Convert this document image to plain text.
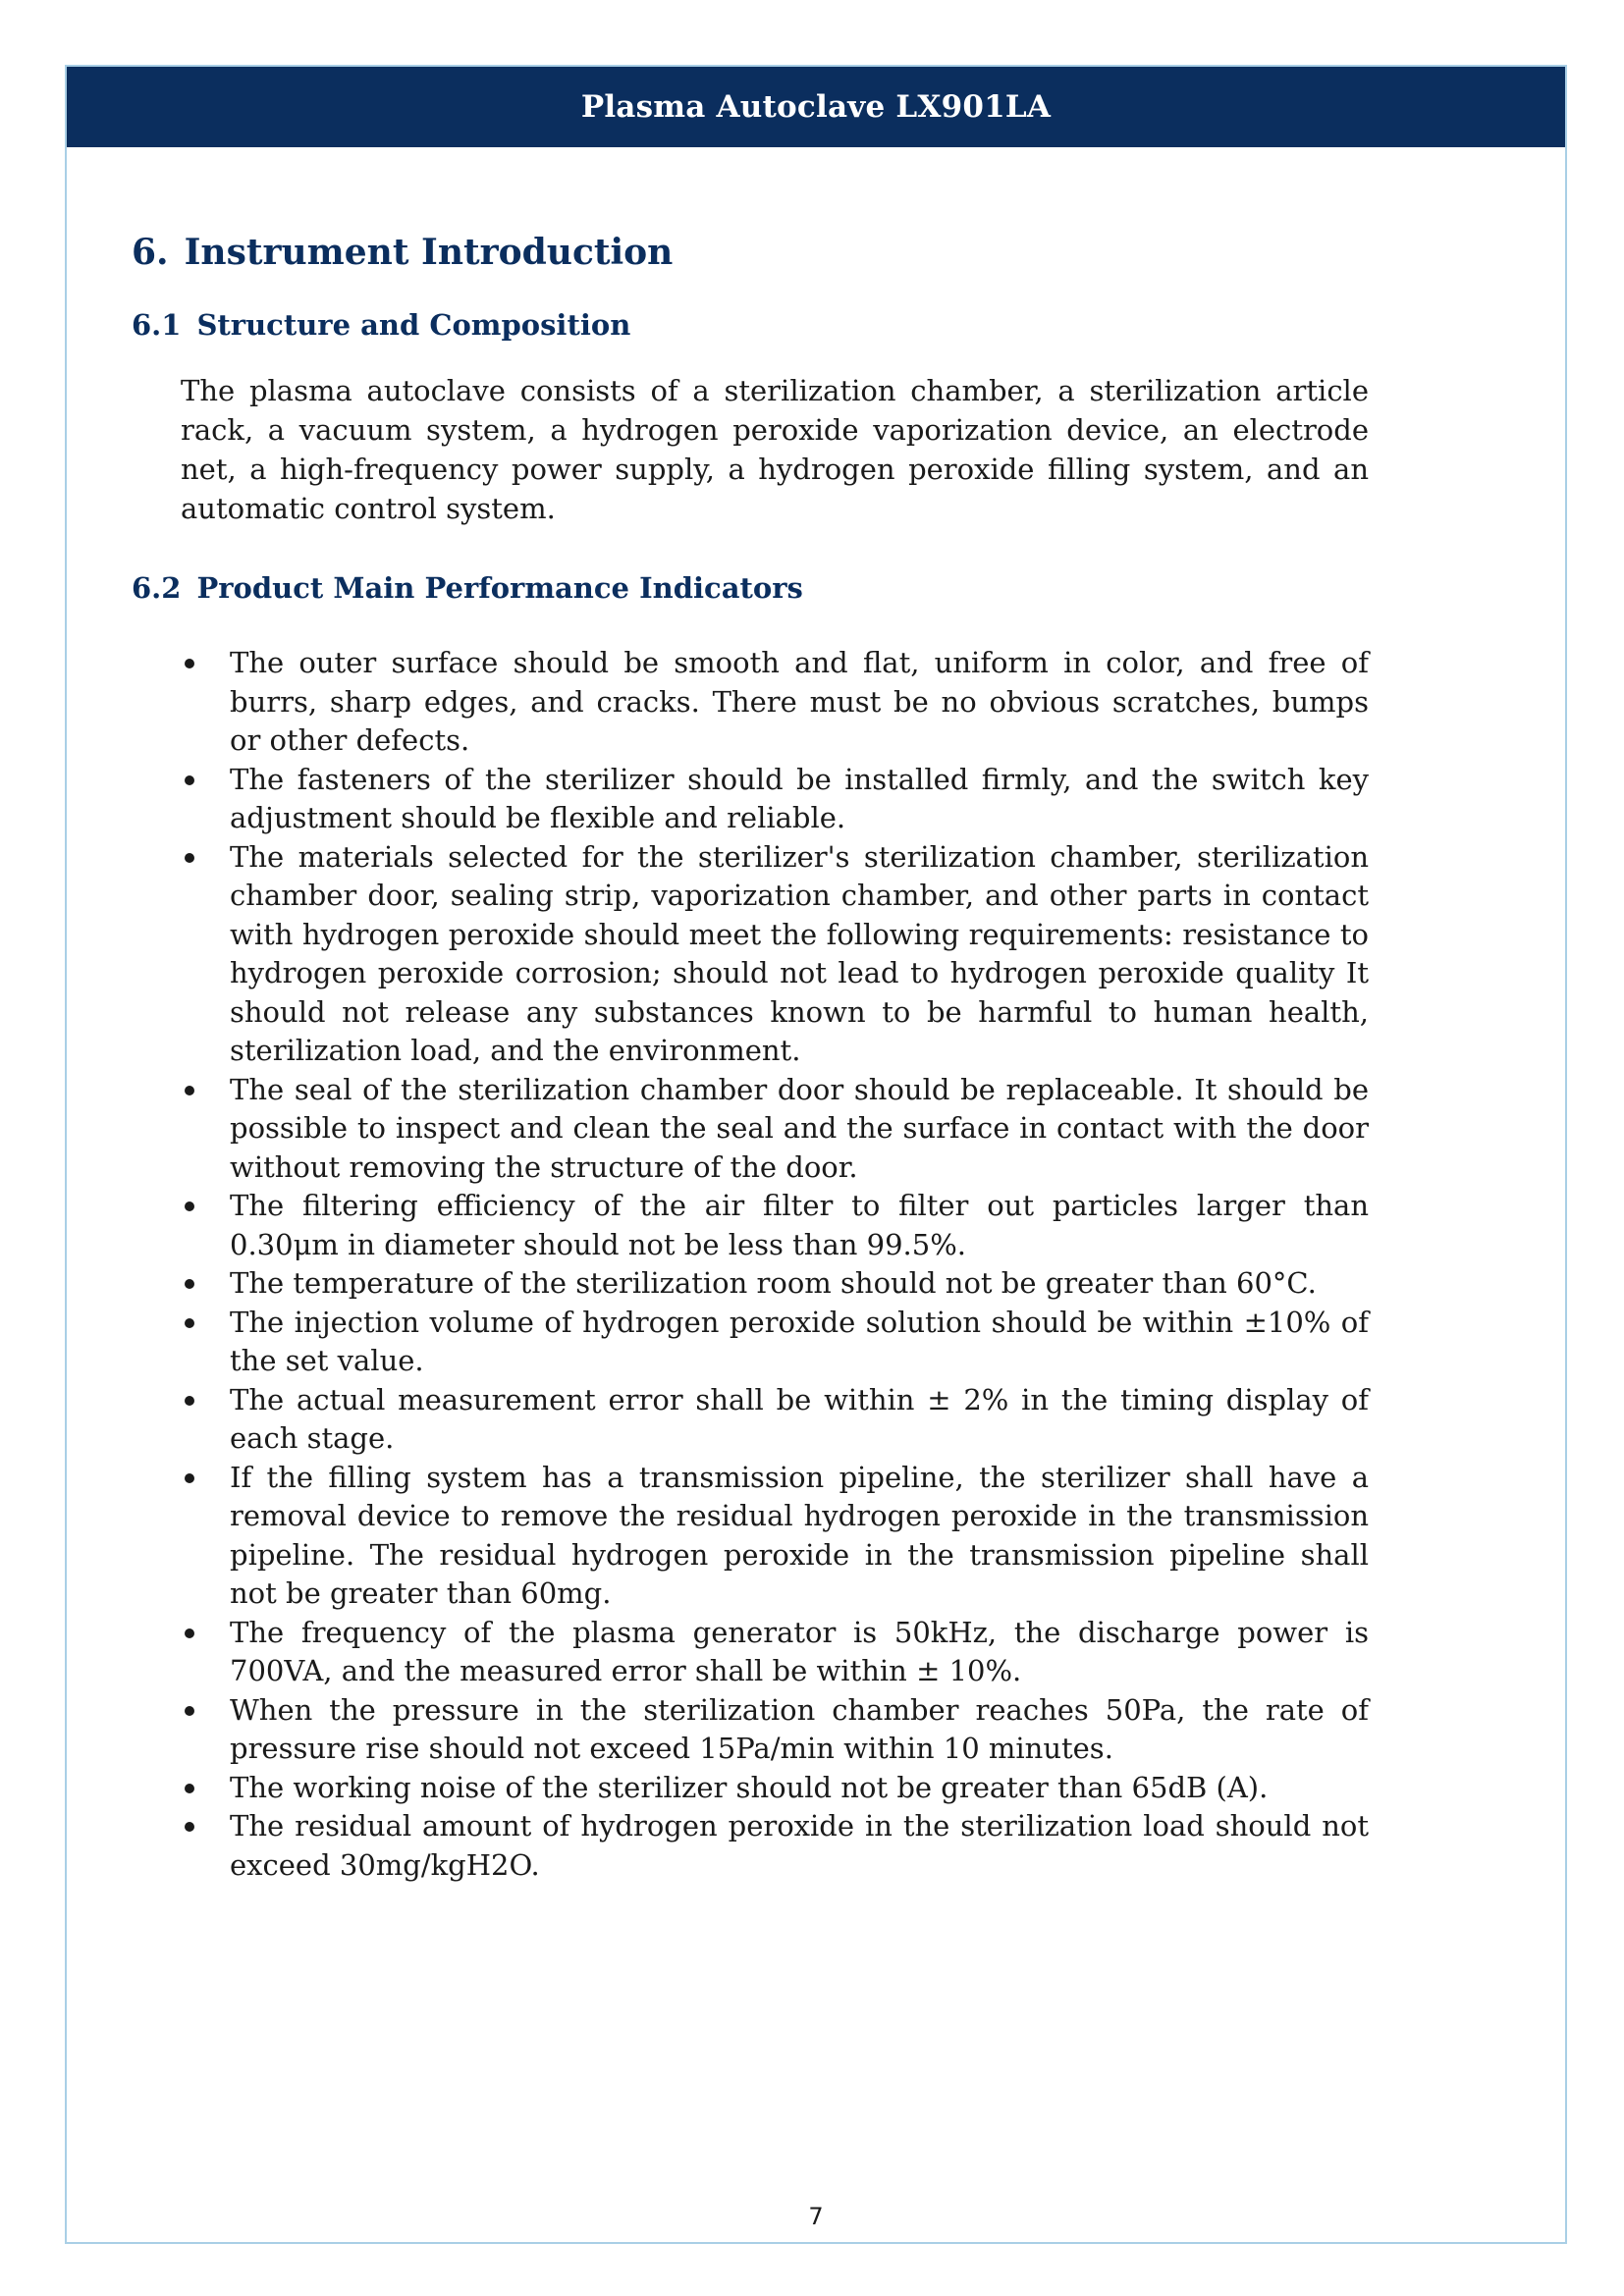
Plasma Autoclave LX901LA
7
6. Instrument Introduction
6.1 Structure and Composition

The plasma autoclave consists of a sterilization chamber, a sterilization article rack, a vacuum system, a hydrogen peroxide vaporization device, an electrode net, a high-frequency power supply, a hydrogen peroxide filling system, and an automatic control system.

6.2 Product Main Performance Indicators
The outer surface should be smooth and flat, uniform in color, and free of burrs, sharp edges, and cracks. There must be no obvious scratches, bumps or other defects.
The fasteners of the sterilizer should be installed firmly, and the switch key adjustment should be flexible and reliable.
The materials selected for the sterilizer's sterilization chamber, sterilization chamber door, sealing strip, vaporization chamber, and other parts in contact with hydrogen peroxide should meet the following requirements: resistance to hydrogen peroxide corrosion; should not lead to hydrogen peroxide quality It should not release any substances known to be harmful to human health, sterilization load, and the environment.
The seal of the sterilization chamber door should be replaceable. It should be possible to inspect and clean the seal and the surface in contact with the door without removing the structure of the door.
The filtering efficiency of the air filter to filter out particles larger than 0.30μm in diameter should not be less than 99.5%.
The temperature of the sterilization room should not be greater than 60°C.
The injection volume of hydrogen peroxide solution should be within ±10% of the set value.
The actual measurement error shall be within ± 2% in the timing display of each stage.
If the filling system has a transmission pipeline, the sterilizer shall have a removal device to remove the residual hydrogen peroxide in the transmission pipeline. The residual hydrogen peroxide in the transmission pipeline shall not be greater than 60mg.
The frequency of the plasma generator is 50kHz, the discharge power is 700VA, and the measured error shall be within ± 10%.
When the pressure in the sterilization chamber reaches 50Pa, the rate of pressure rise should not exceed 15Pa/min within 10 minutes.
The working noise of the sterilizer should not be greater than 65dB (A).
The residual amount of hydrogen peroxide in the sterilization load should not exceed 30mg/kgH2O.
